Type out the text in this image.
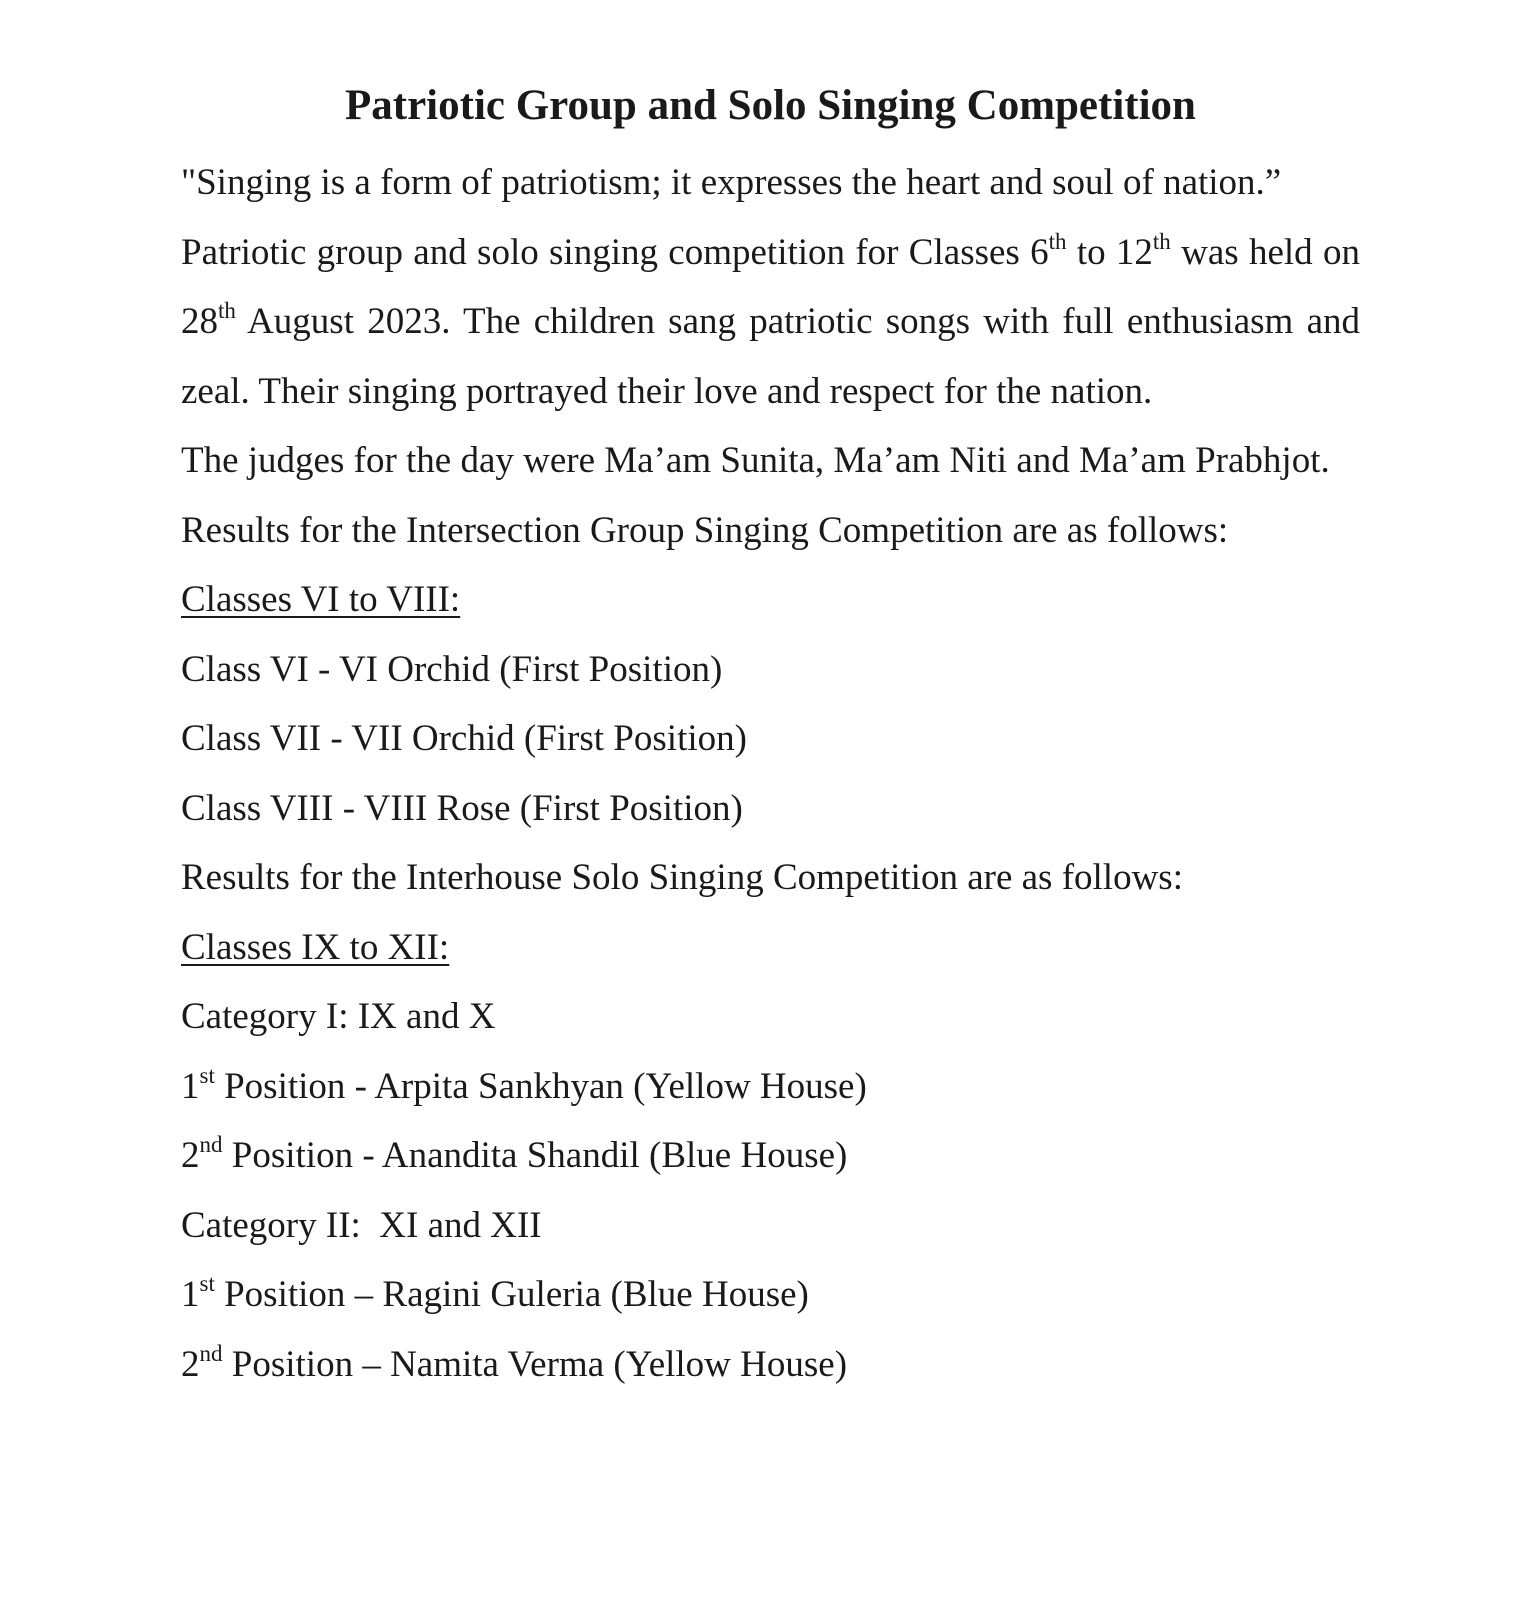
Patriotic Group and Solo Singing Competition

"Singing is a form of patriotism; it expresses the heart and soul of nation.”

Patriotic group and solo singing competition for Classes 6th to 12th was held on 28th August 2023. The children sang patriotic songs with full enthusiasm and zeal. Their singing portrayed their love and respect for the nation.

The judges for the day were Ma’am Sunita, Ma’am Niti and Ma’am Prabhjot.

Results for the Intersection Group Singing Competition are as follows:

Classes VI to VIII:

Class VI - VI Orchid (First Position)

Class VII - VII Orchid (First Position)

Class VIII - VIII Rose (First Position)

Results for the Interhouse Solo Singing Competition are as follows:

Classes IX to XII:

Category I: IX and X

1st Position - Arpita Sankhyan (Yellow House)

2nd Position - Anandita Shandil (Blue House)

Category II:  XI and XII

1st Position – Ragini Guleria (Blue House)

2nd Position – Namita Verma (Yellow House)
